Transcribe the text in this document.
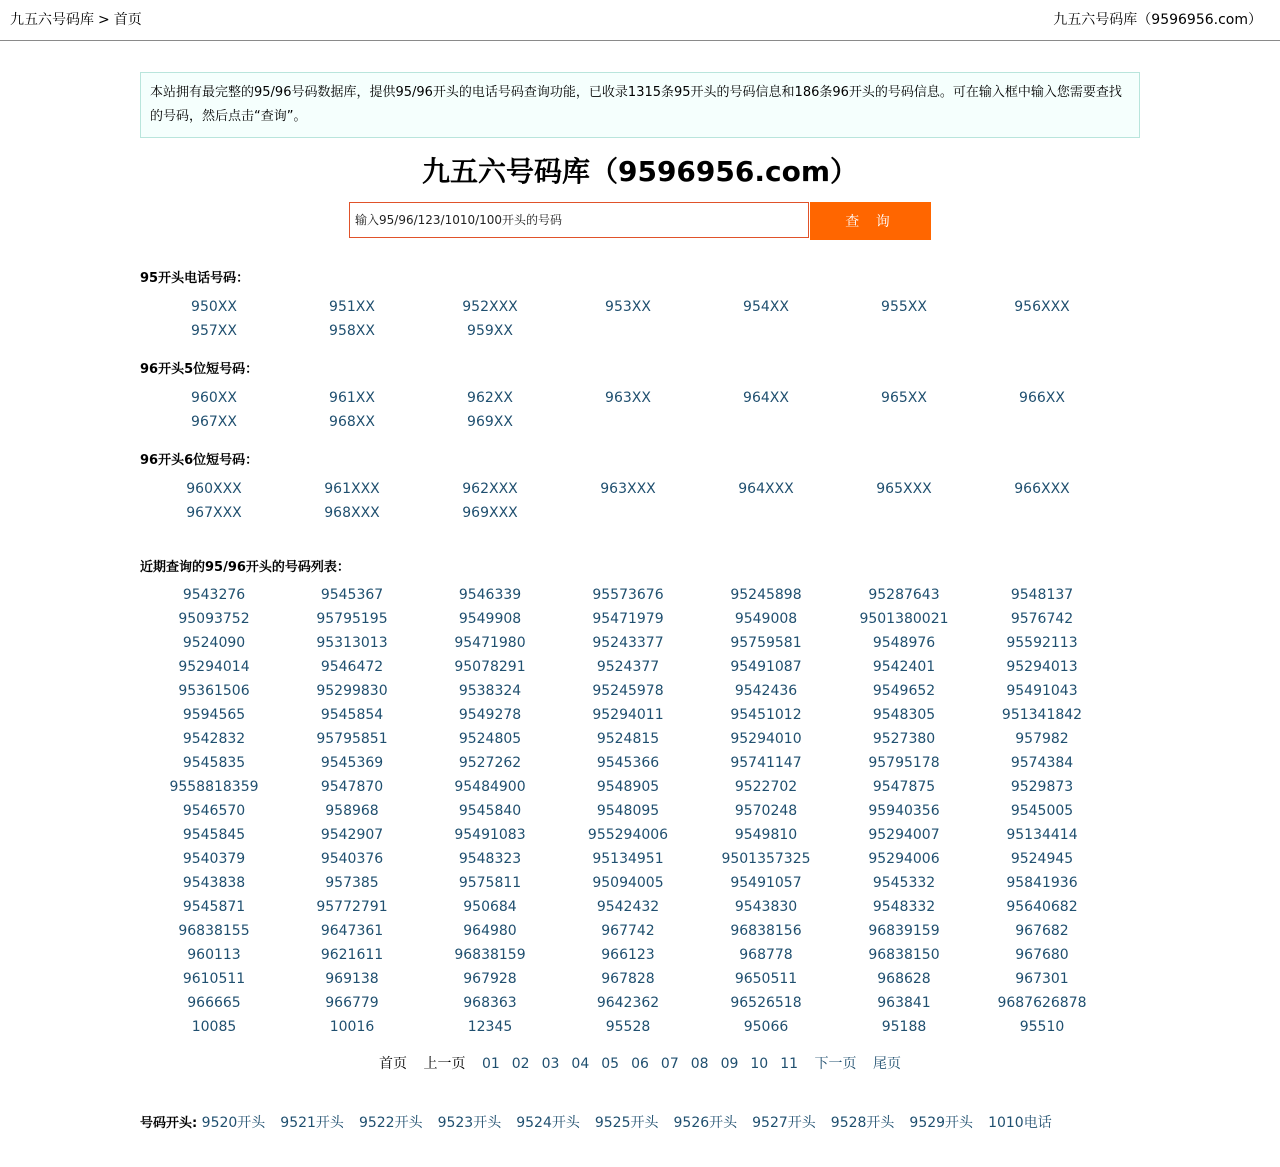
九五六号码库 > 首页	九五六号码库（9596956.com）
本站拥有最完整的95/96号码数据库，提供95/96开头的电话号码查询功能，已收录1315条95开头的号码信息和186条96开头的号码信息。可在输入框中输入您需要查找的号码，然后点击“查询”。
九五六号码库（9596956.com）
输入95/96/123/1010/100开头的号码
查 询
95开头电话号码：
950XX	951XX	952XXX	953XX	954XX	955XX	956XXX
957XX	958XX	959XX
96开头5位短号码：
960XX	961XX	962XX	963XX	964XX	965XX	966XX
967XX	968XX	969XX
96开头6位短号码：
960XXX	961XXX	962XXX	963XXX	964XXX	965XXX	966XXX
967XXX	968XXX	969XXX
近期查询的95/96开头的号码列表：
9543276	9545367	9546339	95573676	95245898	95287643	9548137
95093752	95795195	9549908	95471979	9549008	9501380021	9576742
9524090	95313013	95471980	95243377	95759581	9548976	95592113
95294014	9546472	95078291	9524377	95491087	9542401	95294013
95361506	95299830	9538324	95245978	9542436	9549652	95491043
9594565	9545854	9549278	95294011	95451012	9548305	951341842
9542832	95795851	9524805	9524815	95294010	9527380	957982
9545835	9545369	9527262	9545366	95741147	95795178	9574384
9558818359	9547870	95484900	9548905	9522702	9547875	9529873
9546570	958968	9545840	9548095	9570248	95940356	9545005
9545845	9542907	95491083	955294006	9549810	95294007	95134414
9540379	9540376	9548323	95134951	9501357325	95294006	9524945
9543838	957385	9575811	95094005	95491057	9545332	95841936
9545871	95772791	950684	9542432	9543830	9548332	95640682
96838155	9647361	964980	967742	96838156	96839159	967682
960113	9621611	96838159	966123	968778	96838150	967680
9610511	969138	967928	967828	9650511	968628	967301
966665	966779	968363	9642362	96526518	963841	9687626878
10085	10016	12345	95528	95066	95188	95510
首页 上一页 01 02 03 04 05 06 07 08 09 10 11 下一页 尾页
号码开头: 9520开头 9521开头 9522开头 9523开头 9524开头 9525开头 9526开头 9527开头 9528开头 9529开头 1010电话
